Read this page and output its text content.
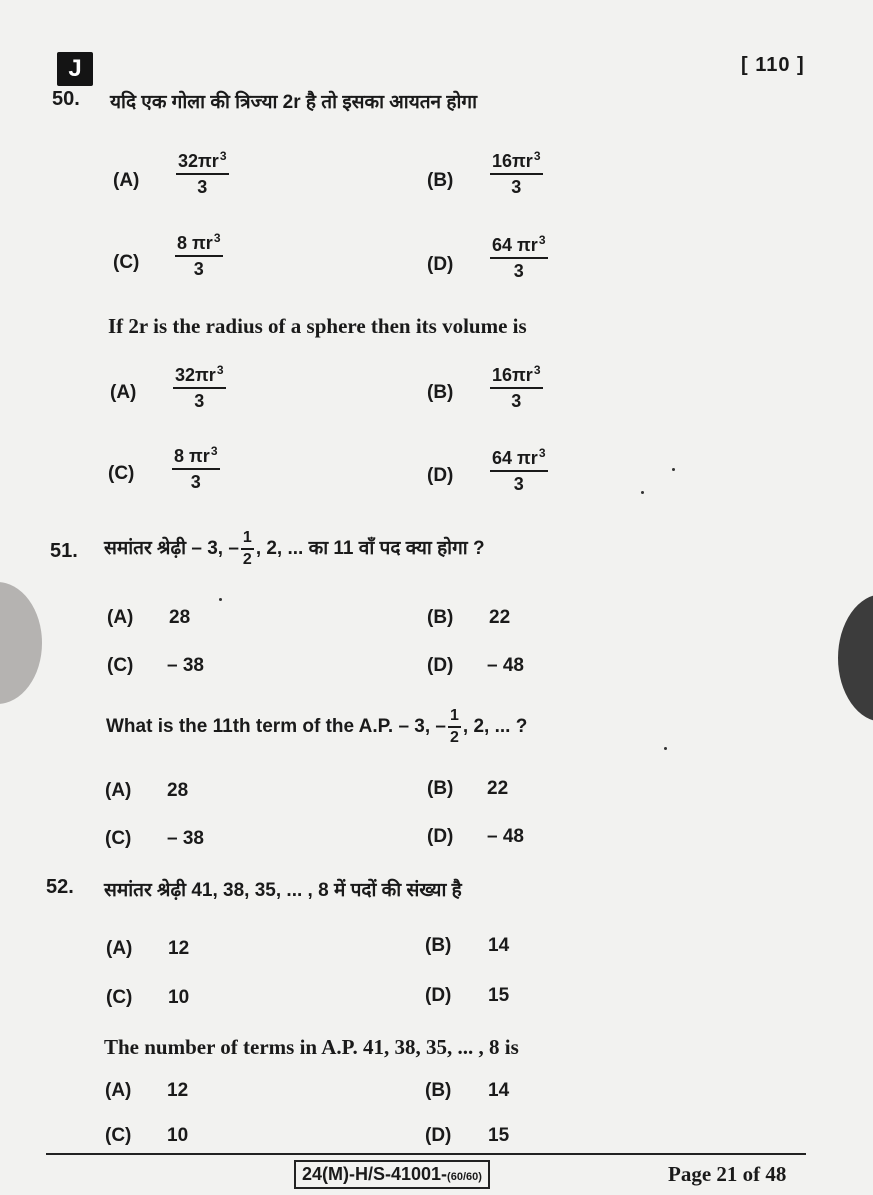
J	[ 110 ]
50. यदि एक गोला की त्रिज्या 2r है तो इसका आयतन होगा
$(A) \frac{32\pi r^3}{3}$	$(B) \frac{16\pi r^3}{3}$
$(C) \frac{8 \pi r^3}{3}$	$(D) \frac{64 \pi r^3}{3}$
If 2r is the radius of a sphere then its volume is
$(A) \frac{32\pi r^3}{3}$	$(B) \frac{16\pi r^3}{3}$
$(C) \frac{8 \pi r^3}{3}$	$(D) \frac{64 \pi r^3}{3}$
51. समांतर श्रेढ़ी – 3, – $\frac{1}{2}$ , 2, ... का 11 वाँ पद क्या होगा ?
(A) 28	(B) 22
(C) – 38	(D) – 48
What is the 11th term of the A.P. – 3, – $\frac{1}{2}$ , 2, ... ?
(A) 28	(B) 22
(C) – 38	(D) – 48
52. समांतर श्रेढ़ी 41, 38, 35, ... , 8 में पदों की संख्या है
(A) 12	(B) 14
(C) 10	(D) 15
The number of terms in A.P. 41, 38, 35, ... , 8 is
(A) 12	(B) 14
(C) 10	(D) 15
24(M)-H/S-41001-(60/60)	Page 21 of 48
